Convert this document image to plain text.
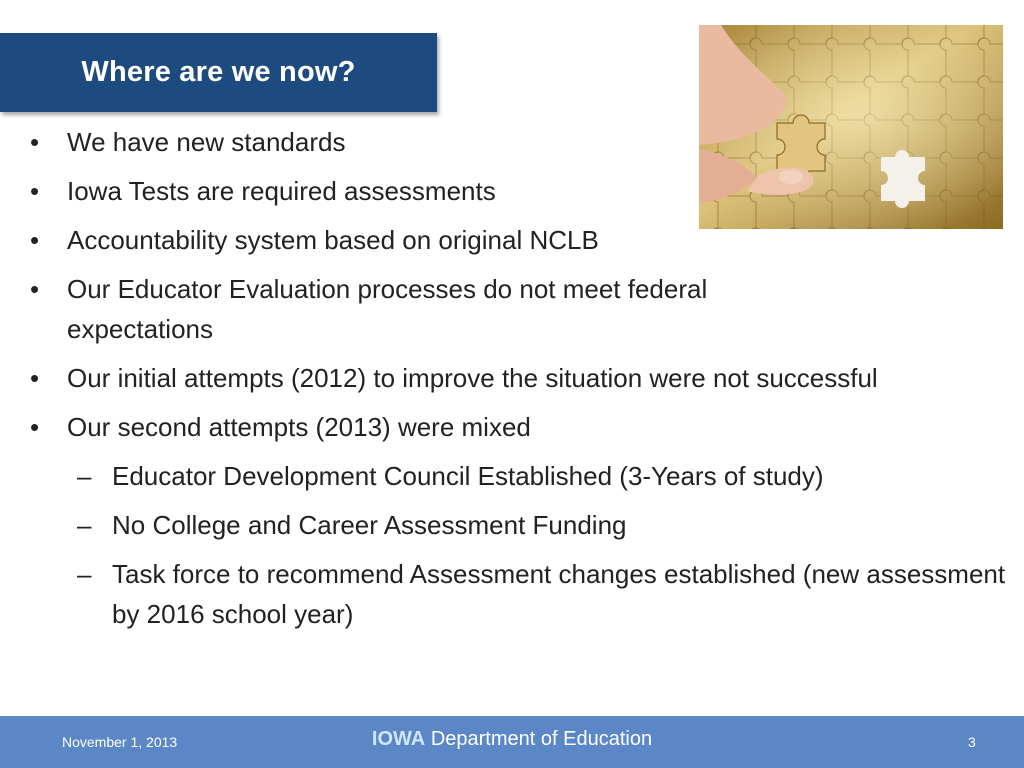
Where are we now?
• We have new standards
• Iowa Tests are required assessments
• Accountability system based on original NCLB
• Our Educator Evaluation processes do not meet federal expectations
• Our initial attempts (2012) to improve the situation were not successful
• Our second attempts (2013) were mixed
– Educator Development Council Established (3-Years of study)
– No College and Career Assessment Funding
– Task force to recommend Assessment changes established (new assessment by 2016 school year)
November 1, 2013	IOWA Department of Education	3
